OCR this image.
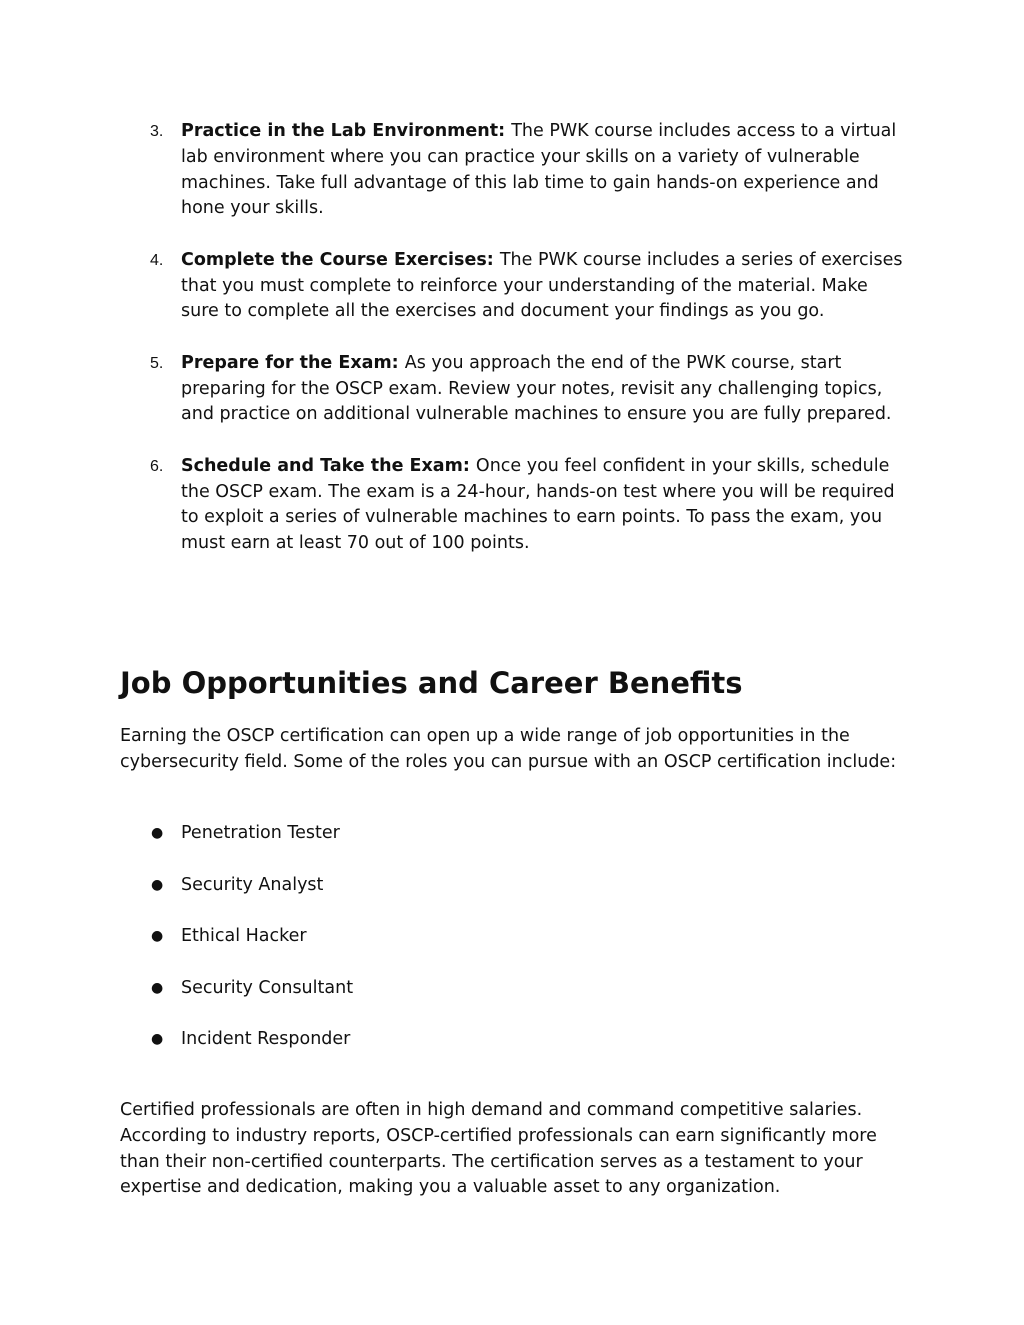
3. Practice in the Lab Environment: The PWK course includes access to a virtual lab environment where you can practice your skills on a variety of vulnerable machines. Take full advantage of this lab time to gain hands-on experience and hone your skills.
4. Complete the Course Exercises: The PWK course includes a series of exercises that you must complete to reinforce your understanding of the material. Make sure to complete all the exercises and document your findings as you go.
5. Prepare for the Exam: As you approach the end of the PWK course, start preparing for the OSCP exam. Review your notes, revisit any challenging topics, and practice on additional vulnerable machines to ensure you are fully prepared.
6. Schedule and Take the Exam: Once you feel confident in your skills, schedule the OSCP exam. The exam is a 24-hour, hands-on test where you will be required to exploit a series of vulnerable machines to earn points. To pass the exam, you must earn at least 70 out of 100 points.
Job Opportunities and Career Benefits

Earning the OSCP certification can open up a wide range of job opportunities in the cybersecurity field. Some of the roles you can pursue with an OSCP certification include:

● Penetration Tester
● Security Analyst
● Ethical Hacker
● Security Consultant
● Incident Responder

Certified professionals are often in high demand and command competitive salaries. According to industry reports, OSCP-certified professionals can earn significantly more than their non-certified counterparts. The certification serves as a testament to your expertise and dedication, making you a valuable asset to any organization.
